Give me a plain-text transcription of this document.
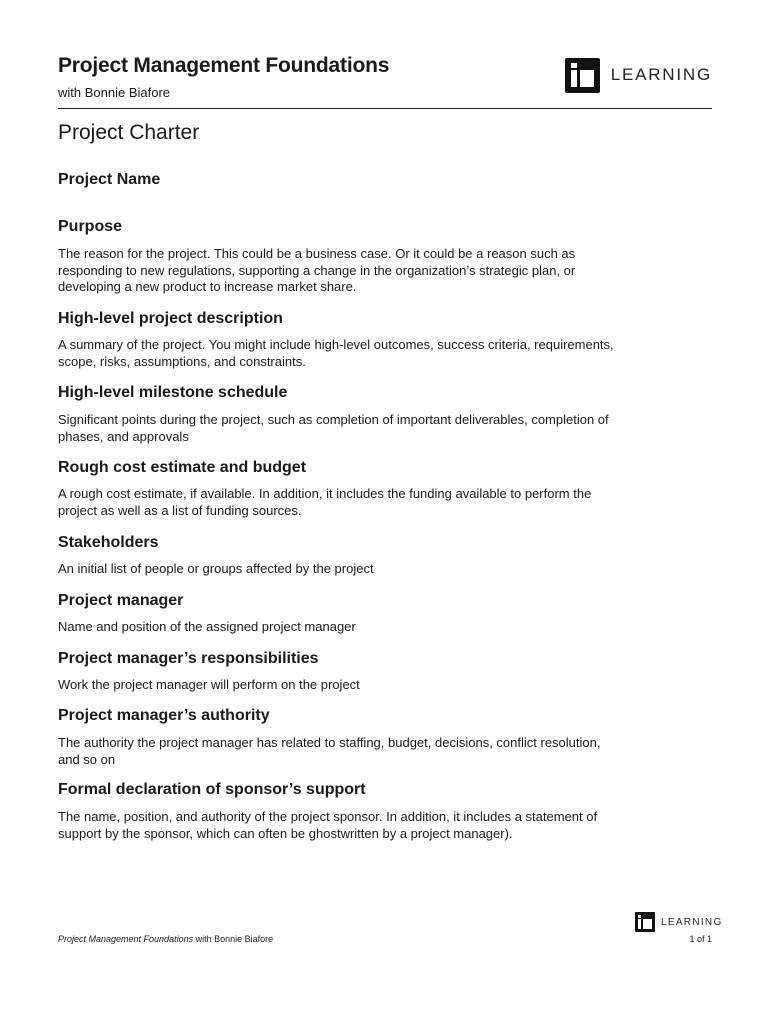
Project Management Foundations
with Bonnie Biafore
LEARNING
Project Charter
Project Name
Purpose
The reason for the project. This could be a business case. Or it could be a reason such as responding to new regulations, supporting a change in the organization’s strategic plan, or developing a new product to increase market share.
High-level project description
A summary of the project. You might include high-level outcomes, success criteria, requirements, scope, risks, assumptions, and constraints.
High-level milestone schedule
Significant points during the project, such as completion of important deliverables, completion of phases, and approvals
Rough cost estimate and budget
A rough cost estimate, if available. In addition, it includes the funding available to perform the project as well as a list of funding sources.
Stakeholders
An initial list of people or groups affected by the project
Project manager
Name and position of the assigned project manager
Project manager’s responsibilities
Work the project manager will perform on the project
Project manager’s authority
The authority the project manager has related to staffing, budget, decisions, conflict resolution, and so on
Formal declaration of sponsor’s support
The name, position, and authority of the project sponsor. In addition, it includes a statement of support by the sponsor, which can often be ghostwritten by a project manager).
LEARNING
Project Management Foundations with Bonnie Biafore	1 of 1
